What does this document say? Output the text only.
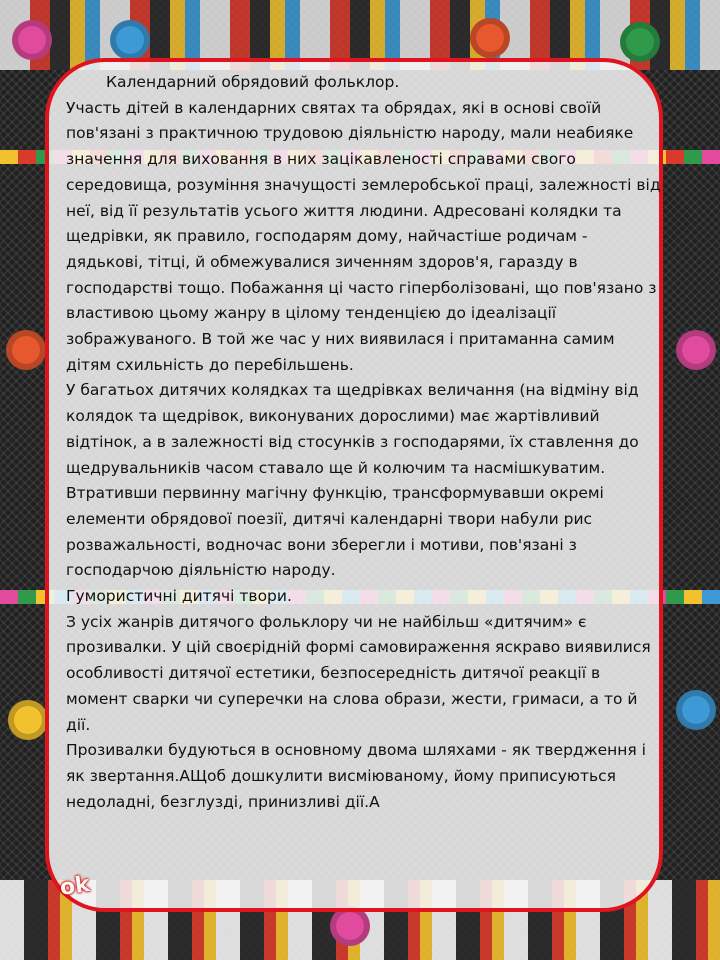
Календарний обрядовий фольклор.

Участь дітей в календарних святах та обрядах, які в основі своїй пов'язані з практичною трудовою діяльністю народу, мали неабияке значення для виховання в них зацікавленості справами свого середовища, розуміння значущості землеробської праці, залежності від неї, від її результатів усього життя людини. Адресовані колядки та щедрівки, як правило, господарям дому, найчастіше родичам - дядькові, тітці, й обмежувалися зиченням здоров'я, гаразду в господарстві тощо. Побажання ці часто гіперболізовані, що пов'язано з властивою цьому жанру в цілому тенденцією до ідеалізації зображуваного. В той же час у них виявилася і притаманна самим дітям схильність до перебільшень.

У багатьох дитячих колядках та щедрівках величання (на відміну від колядок та щедрівок, виконуваних дорослими) має жартівливий відтінок, а в залежності від стосунків з господарями, їх ставлення до щедрувальників часом ставало ще й колючим та насмішкуватим.

Втративши первинну магічну функцію, трансформувавши окремі елементи обрядової поезії, дитячі календарні твори набули рис розважальності, водночас вони зберегли і мотиви, пов'язані з господарчою діяльністю народу.

Гумористичні дитячі твори.

З усіх жанрів дитячого фольклору чи не найбільш «дитячим» є прозивалки. У цій своєрідній формі самовираження яскраво виявилися особливості дитячої естетики, безпосередність дитячої реакції в момент сварки чи суперечки на слова образи, жести, гримаси, а то й дії.

Прозивалки будуються в основному двома шляхами - як твердження і як звертання.АЩоб дошкулити висміюваному, йому приписуються недоладні, безглузді, принизливі дії.А

ok
